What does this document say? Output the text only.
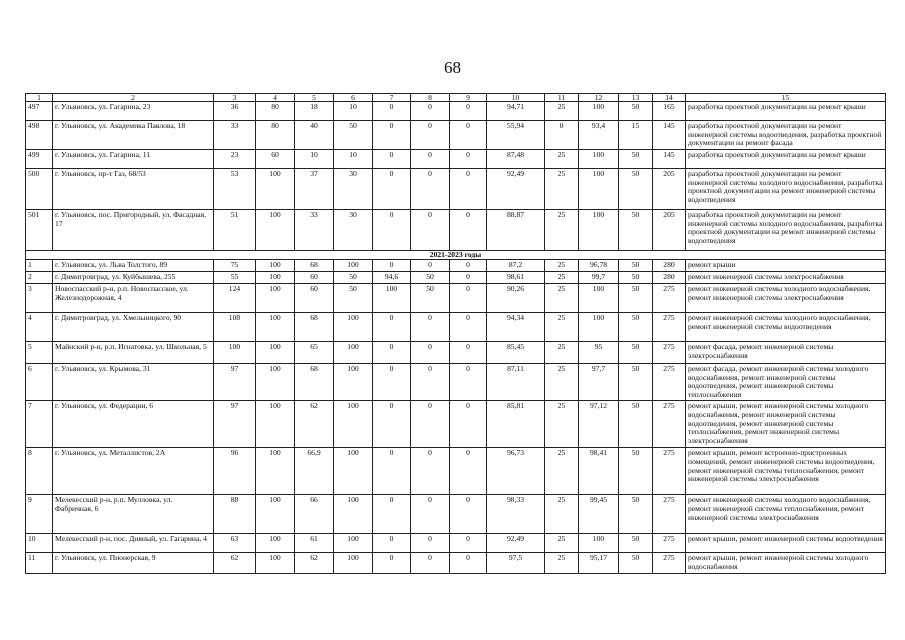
68
1	2	3	4	5	6	7	8	9	10	11	12	13	14	15
497	г. Ульяновск, ул. Гагарина, 23	36	80	18	10	0	0	0	94,71	25	100	50	165	разработка проектной документации на ремонт крыши
498	г. Ульяновск, ул. Академика Павлова, 18	33	80	40	50	0	0	0	55,94	0	93,4	15	145	разработка проектной документации на ремонт инженерной системы водоотведения, разработка проектной документации на ремонт фасада
499	г. Ульяновск, ул. Гагарина, 11	23	60	10	10	0	0	0	87,48	25	100	50	145	разработка проектной документации на ремонт крыши
500	г. Ульяновск, пр-т Газ, 68/53	53	100	37	30	0	0	0	92,49	25	100	50	205	разработка проектной документации на ремонт инженерной системы холодного водоснабжения, разработка проектной документации на ремонт инженерной системы водоотведения
501	г. Ульяновск, пос. Пригородный, ул. Фасадная, 17	51	100	33	30	0	0	0	88,87	25	100	50	205	разработка проектной документации на ремонт инженерной системы холодного водоснабжения, разработка проектной документации на ремонт инженерной системы водоотведения
2021-2023 годы														
1	г. Ульяновск, ул. Льва Толстого, 89	75	100	68	100	0	0	0	87,2	25	96,78	50	280	ремонт крыши
2	г. Димитровград, ул. Куйбышева, 255	55	100	60	50	94,6	50	0	98,61	25	99,7	50	280	ремонт инженерной системы электроснабжения
3	Новоспасский р-н, р.п. Новоспасское, ул. Железнодорожная, 4	124	100	60	50	100	50	0	90,26	25	100	50	275	ремонт инженерной системы холодного водоснабжения, ремонт инженерной системы электроснабжения
4	г. Димитровград, ул. Хмельницкого, 90	108	100	68	100	0	0	0	94,34	25	100	50	275	ремонт инженерной системы холодного водоснабжения, ремонт инженерной системы водоотведения
5	Майнский р-н, р.п. Игнатовка, ул. Школьная, 5	100	100	65	100	0	0	0	85,45	25	95	50	275	ремонт фасада, ремонт инженерной системы электроснабжения
6	г. Ульяновск, ул. Крымова, 31	97	100	68	100	0	0	0	87,11	25	97,7	50	275	ремонт фасада, ремонт инженерной системы холодного водоснабжения, ремонт инженерной системы водоотведения, ремонт инженерной системы теплоснабжения
7	г. Ульяновск, ул. Федерации, 6	97	100	62	100	0	0	0	85,81	25	97,12	50	275	ремонт крыши, ремонт инженерной системы холодного водоснабжения, ремонт инженерной системы водоотведения, ремонт инженерной системы теплоснабжения, ремонт инженерной системы электроснабжения
8	г. Ульяновск, ул. Металлистов, 2А	96	100	66,9	100	0	0	0	96,73	25	98,41	50	275	ремонт крыши, ремонт встроенно-пристроенных помещений, ремонт инженерной системы водоотведения, ремонт инженерной системы теплоснабжения, ремонт инженерной системы электроснабжения
9	Мелекесский р-н, р.п. Мулловка, ул. Фабричная, 6	88	100	66	100	0	0	0	98,33	25	99,45	50	275	ремонт инженерной системы холодного водоснабжения, ремонт инженерной системы теплоснабжения, ремонт инженерной системы электроснабжения
10	Мелекесский р-н, пос. Дивный, ул. Гагарина, 4	63	100	61	100	0	0	0	92,49	25	100	50	275	ремонт крыши, ремонт инженерной системы водоотведения
11	г. Ульяновск, ул. Пионерская, 9	62	100	62	100	0	0	0	97,5	25	95,17	50	275	ремонт крыши, ремонт инженерной системы холодного водоснабжения
